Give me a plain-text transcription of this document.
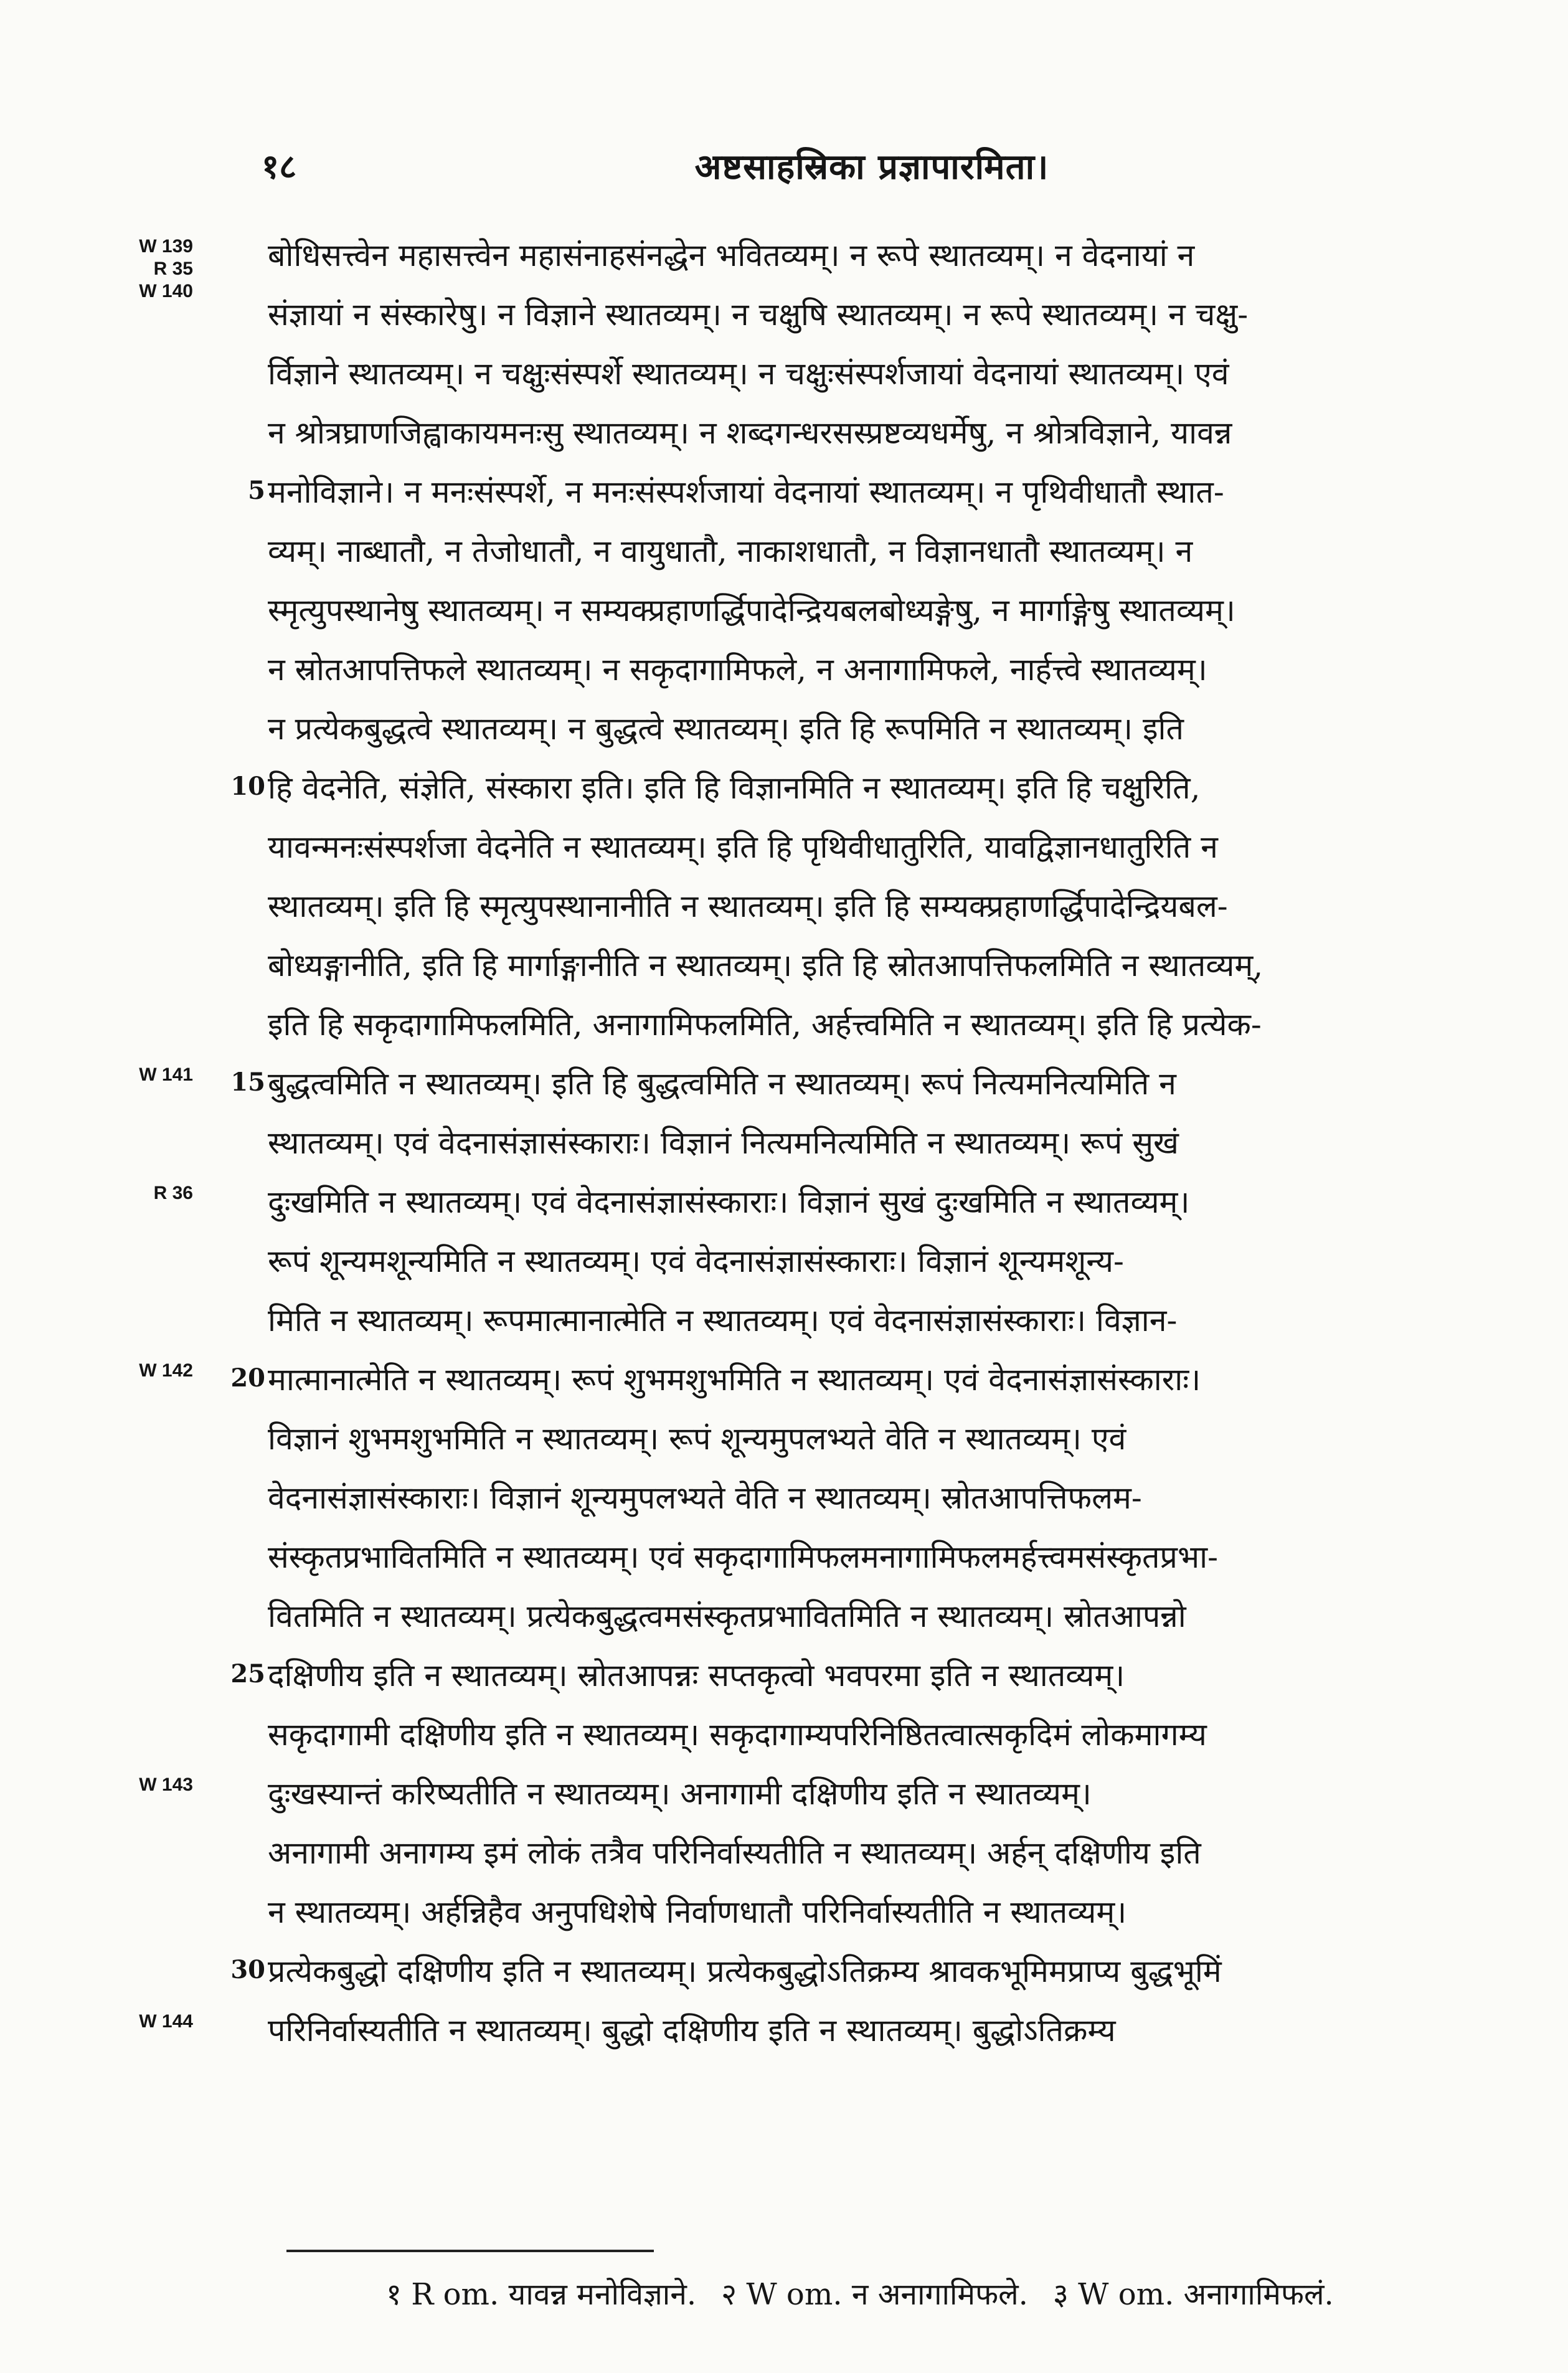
१८	अष्टसाहस्रिका प्रज्ञापारमिता।
W 139
R 35
W 140
बोधिसत्त्वेन महासत्त्वेन महासंनाहसंनद्धेन भवितव्यम्। न रूपे स्थातव्यम्। न वेदनायां न
संज्ञायां न संस्कारेषु। न विज्ञाने स्थातव्यम्। न चक्षुषि स्थातव्यम्। न रूपे स्थातव्यम्। न चक्षु-
र्विज्ञाने स्थातव्यम्। न चक्षुःसंस्पर्शे स्थातव्यम्। न चक्षुःसंस्पर्शजायां वेदनायां स्थातव्यम्। एवं
न श्रोत्रघ्राणजिह्वाकायमनःसु स्थातव्यम्। न शब्दगन्धरसस्प्रष्टव्यधर्मेषु, न श्रोत्रविज्ञाने, यावन्न
5 मनोविज्ञाने। न मनःसंस्पर्शे, न मनःसंस्पर्शजायां वेदनायां स्थातव्यम्। न पृथिवीधातौ स्थात-
व्यम्। नाब्धातौ, न तेजोधातौ, न वायुधातौ, नाकाशधातौ, न विज्ञानधातौ स्थातव्यम्। न
स्मृत्युपस्थानेषु स्थातव्यम्। न सम्यक्प्रहाणर्द्धिपादेन्द्रियबलबोध्यङ्गेषु, न मार्गाङ्गेषु स्थातव्यम्।
न स्रोतआपत्तिफले स्थातव्यम्। न सकृदागामिफले, न अनागामिफले, नार्हत्त्वे स्थातव्यम्।
न प्रत्येकबुद्धत्वे स्थातव्यम्। न बुद्धत्वे स्थातव्यम्। इति हि रूपमिति न स्थातव्यम्। इति
10 हि वेदनेति, संज्ञेति, संस्कारा इति। इति हि विज्ञानमिति न स्थातव्यम्। इति हि चक्षुरिति,
यावन्मनःसंस्पर्शजा वेदनेति न स्थातव्यम्। इति हि पृथिवीधातुरिति, यावद्विज्ञानधातुरिति न
स्थातव्यम्। इति हि स्मृत्युपस्थानानीति न स्थातव्यम्। इति हि सम्यक्प्रहाणर्द्धिपादेन्द्रियबल-
बोध्यङ्गानीति, इति हि मार्गाङ्गानीति न स्थातव्यम्। इति हि स्रोतआपत्तिफलमिति न स्थातव्यम्,
इति हि सकृदागामिफलमिति, अनागामिफलमिति, अर्हत्त्वमिति न स्थातव्यम्। इति हि प्रत्येक-
W 141	15 बुद्धत्वमिति न स्थातव्यम्। इति हि बुद्धत्वमिति न स्थातव्यम्। रूपं नित्यमनित्यमिति न
स्थातव्यम्। एवं वेदनासंज्ञासंस्काराः। विज्ञानं नित्यमनित्यमिति न स्थातव्यम्। रूपं सुखं
R 36 दुःखमिति न स्थातव्यम्। एवं वेदनासंज्ञासंस्काराः। विज्ञानं सुखं दुःखमिति न स्थातव्यम्।
रूपं शून्यमशून्यमिति न स्थातव्यम्। एवं वेदनासंज्ञासंस्काराः। विज्ञानं शून्यमशून्य-
मिति न स्थातव्यम्। रूपमात्मानात्मेति न स्थातव्यम्। एवं वेदनासंज्ञासंस्काराः। विज्ञान-
W 142	20 मात्मानात्मेति न स्थातव्यम्। रूपं शुभमशुभमिति न स्थातव्यम्। एवं वेदनासंज्ञासंस्काराः।
विज्ञानं शुभमशुभमिति न स्थातव्यम्। रूपं शून्यमुपलभ्यते वेति न स्थातव्यम्। एवं
वेदनासंज्ञासंस्काराः। विज्ञानं शून्यमुपलभ्यते वेति न स्थातव्यम्। स्रोतआपत्तिफलम-
संस्कृतप्रभावितमिति न स्थातव्यम्। एवं सकृदागामिफलमनागामिफलमर्हत्त्वमसंस्कृतप्रभा-
वितमिति न स्थातव्यम्। प्रत्येकबुद्धत्वमसंस्कृतप्रभावितमिति न स्थातव्यम्। स्रोतआपन्नो
25 दक्षिणीय इति न स्थातव्यम्। स्रोतआपन्नः सप्तकृत्वो भवपरमा इति न स्थातव्यम्।
सकृदागामी दक्षिणीय इति न स्थातव्यम्। सकृदागाम्यपरिनिष्ठितत्वात्सकृदिमं लोकमागम्य
W 143 दुःखस्यान्तं करिष्यतीति न स्थातव्यम्। अनागामी दक्षिणीय इति न स्थातव्यम्।
अनागामी अनागम्य इमं लोकं तत्रैव परिनिर्वास्यतीति न स्थातव्यम्। अर्हन् दक्षिणीय इति
न स्थातव्यम्। अर्हन्निहैव अनुपधिशेषे निर्वाणधातौ परिनिर्वास्यतीति न स्थातव्यम्।
30 प्रत्येकबुद्धो दक्षिणीय इति न स्थातव्यम्। प्रत्येकबुद्धोऽतिक्रम्य श्रावकभूमिमप्राप्य बुद्धभूमिं
W 144 परिनिर्वास्यतीति न स्थातव्यम्। बुद्धो दक्षिणीय इति न स्थातव्यम्। बुद्धोऽतिक्रम्य
१ R om. यावन्न मनोविज्ञाने. २ W om. न अनागामिफले. ३ W om. अनागामिफलं.
